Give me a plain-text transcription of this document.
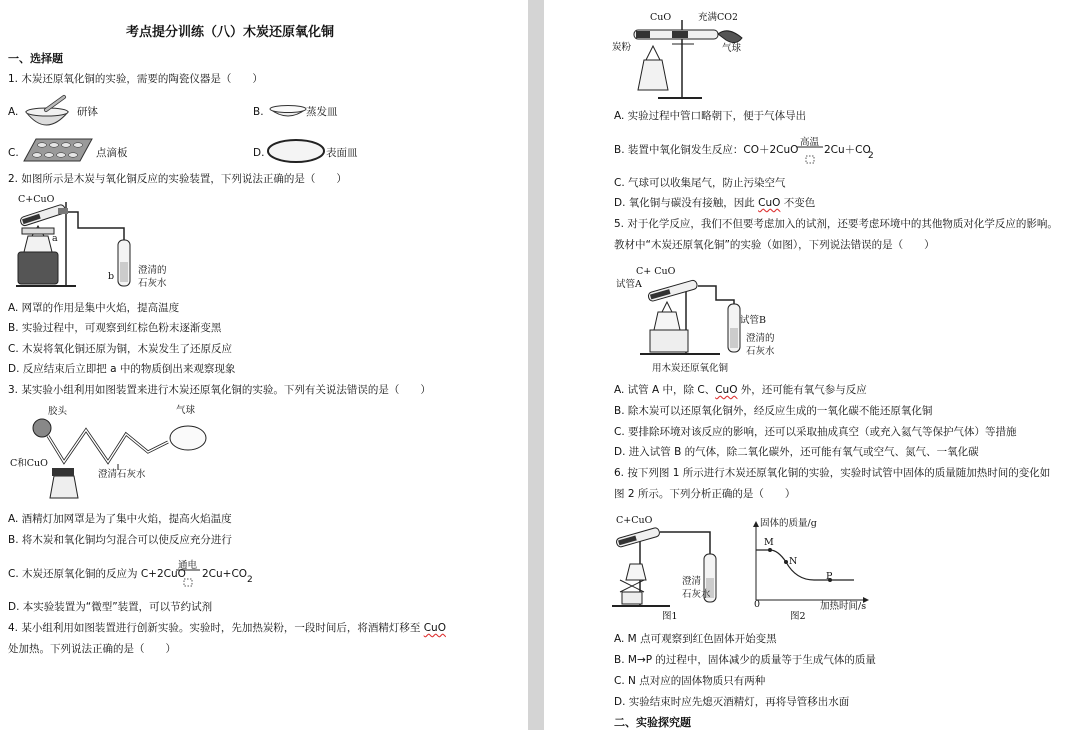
考点提分训练（八）木炭还原氧化铜
一、选择题
1. 木炭还原氧化铜的实验，需要的陶瓷仪器是（　　）
A.	研钵	B.	蒸发皿
C.	点滴板	D.	表面皿
2. 如图所示是木炭与氧化铜反应的实验装置，下列说法正确的是（　　）
C+CuO
a
b
澄清的
石灰水
A. 网罩的作用是集中火焰，提高温度
B. 实验过程中，可观察到红棕色粉末逐渐变黑
C. 木炭将氧化铜还原为铜，木炭发生了还原反应
D. 反应结束后立即把 a 中的物质倒出来观察现象
3. 某实验小组利用如图装置来进行木炭还原氧化铜的实验。下列有关说法错误的是（　　）
胶头	气球
C和CuO
澄清石灰水
A. 酒精灯加网罩是为了集中火焰，提高火焰温度
B. 将木炭和氧化铜均匀混合可以使反应充分进行
C. 木炭还原氧化铜的反应为 C+2CuO
通电
2Cu+CO 2
D. 本实验装置为“微型”装置，可以节约试剂
4. 某小组利用如图装置进行创新实验。实验时，先加热炭粉，一段时间后，将酒精灯移至 CuO
处加热。下列说法正确的是（　　）
CuO	充满CO2
炭粉	气球
A. 实验过程中管口略朝下，便于气体导出
B. 装置中氧化铜发生反应：CO＋2CuO
高温
2Cu＋CO
2
C. 气球可以收集尾气，防止污染空气
D. 氧化铜与碳没有接触，因此 CuO 不变色
5. 对于化学反应，我们不但要考虑加入的试剂，还要考虑环境中的其他物质对化学反应的影响。
教材中“木炭还原氧化铜”的实验（如图），下列说法错误的是（　　）
C+ CuO
试管A
试管B
澄清的
石灰水
用木炭还原氧化铜
A. 试管 A 中，除 C、CuO 外，还可能有氧气参与反应
B. 除木炭可以还原氧化铜外，经反应生成的一氧化碳不能还原氧化铜
C. 要排除环境对该反应的影响，还可以采取抽成真空（或充入氦气等保护气体）等措施
D. 进入试管 B 的气体，除二氧化碳外，还可能有氧气或空气、氮气、一氧化碳
6. 按下列图 1 所示进行木炭还原氧化铜的实验，实验时试管中固体的质量随加热时间的变化如
图 2 所示。下列分析正确的是（　　）
C+CuO
澄清
石灰水
图1
固体的质量/g
M
N
P
0	加热时间/s
图2
A. M 点可观察到红色固体开始变黑
B. M→P 的过程中，固体减少的质量等于生成气体的质量
C. N 点对应的固体物质只有两种
D. 实验结束时应先熄灭酒精灯，再将导管移出水面
二、实验探究题
